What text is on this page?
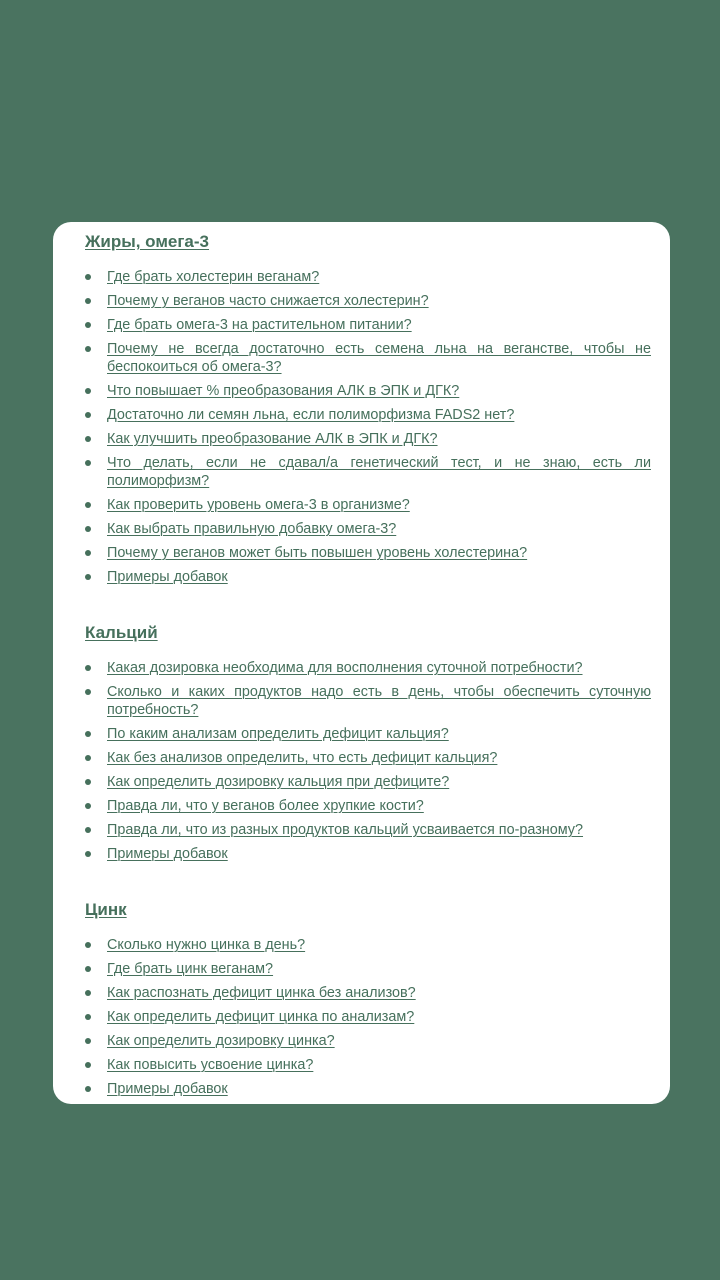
Жиры, омега-3
Где брать холестерин веганам?
Почему у веганов часто снижается холестерин?
Где брать омега-3 на растительном питании?
Почему не всегда достаточно есть семена льна на веганстве, чтобы не беспокоиться об омега-3?
Что повышает % преобразования АЛК в ЭПК и ДГК?
Достаточно ли семян льна, если полиморфизма FADS2 нет?
Как улучшить преобразование АЛК в ЭПК и ДГК?
Что делать, если не сдавал/а генетический тест, и не знаю, есть ли полиморфизм?
Как проверить уровень омега-3 в организме?
Как выбрать правильную добавку омега-3?
Почему у веганов может быть повышен уровень холестерина?
Примеры добавок
Кальций
Какая дозировка необходима для восполнения суточной потребности?
Сколько и каких продуктов надо есть в день, чтобы обеспечить суточную потребность?
По каким анализам определить дефицит кальция?
Как без анализов определить, что есть дефицит кальция?
Как определить дозировку кальция при дефиците?
Правда ли, что у веганов более хрупкие кости?
Правда ли, что из разных продуктов кальций усваивается по-разному?
Примеры добавок
Цинк
Сколько нужно цинка в день?
Где брать цинк веганам?
Как распознать дефицит цинка без анализов?
Как определить дефицит цинка по анализам?
Как определить дозировку цинка?
Как повысить усвоение цинка?
Примеры добавок
